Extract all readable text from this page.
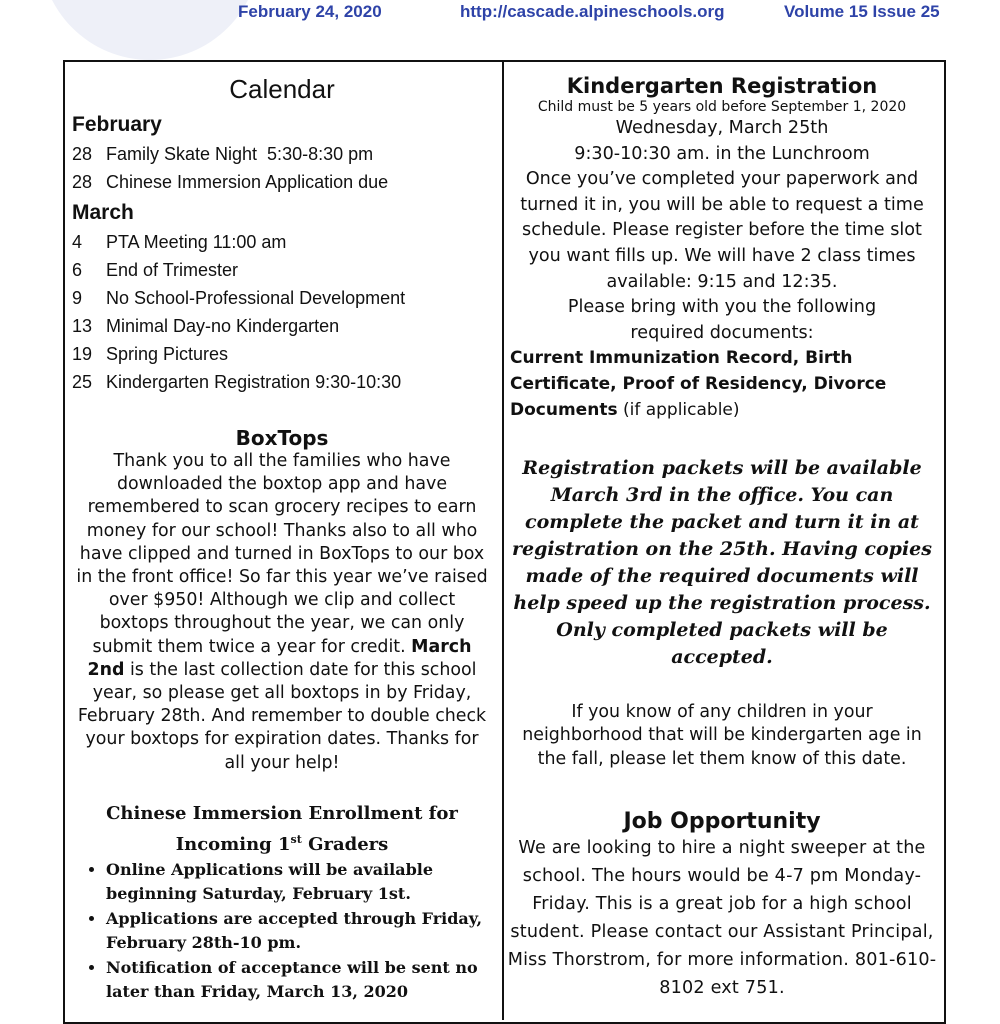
February 24, 2020	http://cascade.alpineschools.org	Volume 15 Issue 25
Calendar
February
28 Family Skate Night  5:30-8:30 pm
28 Chinese Immersion Application due
March
4 PTA Meeting 11:00 am
6 End of Trimester
9 No School-Professional Development
13 Minimal Day-no Kindergarten
19 Spring Pictures
25 Kindergarten Registration 9:30-10:30
BoxTops
Thank you to all the families who have downloaded the boxtop app and have remembered to scan grocery recipes to earn money for our school! Thanks also to all who have clipped and turned in BoxTops to our box in the front office! So far this year we’ve raised over $950! Although we clip and collect boxtops throughout the year, we can only submit them twice a year for credit. March 2nd is the last collection date for this school year, so please get all boxtops in by Friday, February 28th. And remember to double check your boxtops for expiration dates. Thanks for all your help!
Chinese Immersion Enrollment for Incoming 1st Graders
• Online Applications will be available beginning Saturday, February 1st.
• Applications are accepted through Friday, February 28th-10 pm.
• Notification of acceptance will be sent no later than Friday, March 13, 2020
Kindergarten Registration
Child must be 5 years old before September 1, 2020
Wednesday, March 25th
9:30-10:30 am. in the Lunchroom
Once you’ve completed your paperwork and turned it in, you will be able to request a time schedule. Please register before the time slot you want fills up. We will have 2 class times available: 9:15 and 12:35.
Please bring with you the following required documents:
Current Immunization Record, Birth Certificate, Proof of Residency, Divorce Documents (if applicable)
Registration packets will be available March 3rd in the office. You can complete the packet and turn it in at registration on the 25th. Having copies made of the required documents will help speed up the registration process. Only completed packets will be accepted.
If you know of any children in your neighborhood that will be kindergarten age in the fall, please let them know of this date.
Job Opportunity
We are looking to hire a night sweeper at the school. The hours would be 4-7 pm Monday-Friday. This is a great job for a high school student. Please contact our Assistant Principal, Miss Thorstrom, for more information. 801-610-8102 ext 751.
